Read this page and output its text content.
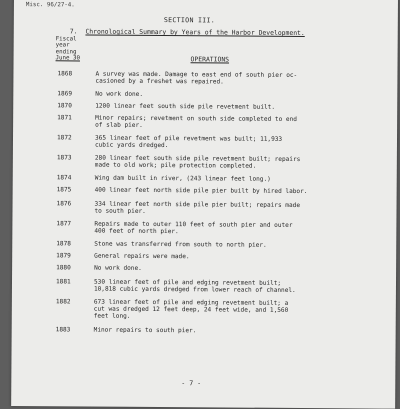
Misc. 96/27-4.
SECTION III.
7. Chronological Summary by Years of the Harbor Development.
Fiscal
year
ending
June 30	OPERATIONS
1868	A survey was made. Damage to east end of south pier oc-
casioned by a freshet was repaired.
1869	No work done.
1870	1200 linear feet south side pile revetment built.
1871	Minor repairs; revetment on south side completed to end
of slab pier.
1872	365 linear feet of pile revetment was built; 11,933
cubic yards dredged.
1873	280 linear feet south side pile revetment built; repairs
made to old work; pile protection completed.
1874	Wing dam built in river, (243 linear feet long.)
1875	400 linear feet north side pile pier built by hired labor.
1876	334 linear feet north side pile pier built; repairs made
to south pier.
1877	Repairs made to outer 110 feet of south pier and outer
400 feet of north pier.
1878	Stone was transferred from south to north pier.
1879	General repairs were made.
1880	No work done.
1881	530 linear feet of pile and edging revetment built;
10,818 cubic yards dredged from lower reach of channel.
1882	673 linear feet of pile and edging revetment built; a
cut was dredged 12 feet deep, 24 feet wide, and 1,560
feet long.
1883	Minor repairs to south pier.
- 7 -
